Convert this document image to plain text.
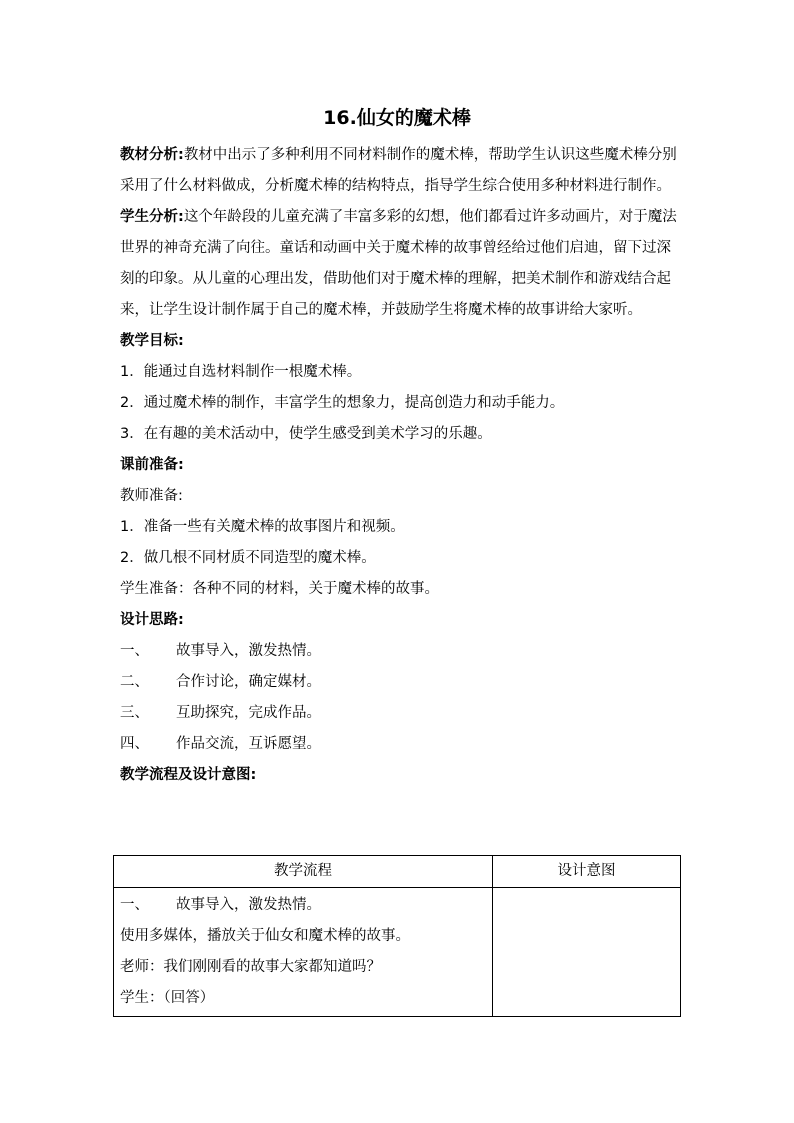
16.仙女的魔术棒

教材分析:教材中出示了多种利用不同材料制作的魔术棒，帮助学生认识这些魔术棒分别采用了什么材料做成，分析魔术棒的结构特点，指导学生综合使用多种材料进行制作。

学生分析:这个年龄段的儿童充满了丰富多彩的幻想，他们都看过许多动画片，对于魔法世界的神奇充满了向往。童话和动画中关于魔术棒的故事曾经给过他们启迪，留下过深刻的印象。从儿童的心理出发，借助他们对于魔术棒的理解，把美术制作和游戏结合起来，让学生设计制作属于自己的魔术棒，并鼓励学生将魔术棒的故事讲给大家听。

教学目标:

1．能通过自选材料制作一根魔术棒。

2．通过魔术棒的制作，丰富学生的想象力，提高创造力和动手能力。

3．在有趣的美术活动中，使学生感受到美术学习的乐趣。

课前准备:

教师准备:

1．准备一些有关魔术棒的故事图片和视频。

2．做几根不同材质不同造型的魔术棒。

学生准备：各种不同的材料，关于魔术棒的故事。

设计思路:

一、 故事导入，激发热情。

二、 合作讨论，确定媒材。

三、 互助探究，完成作品。

四、 作品交流，互诉愿望。

教学流程及设计意图:

教学流程	设计意图

一、 故事导入，激发热情。

使用多媒体，播放关于仙女和魔术棒的故事。

老师：我们刚刚看的故事大家都知道吗？

学生：（回答）	
